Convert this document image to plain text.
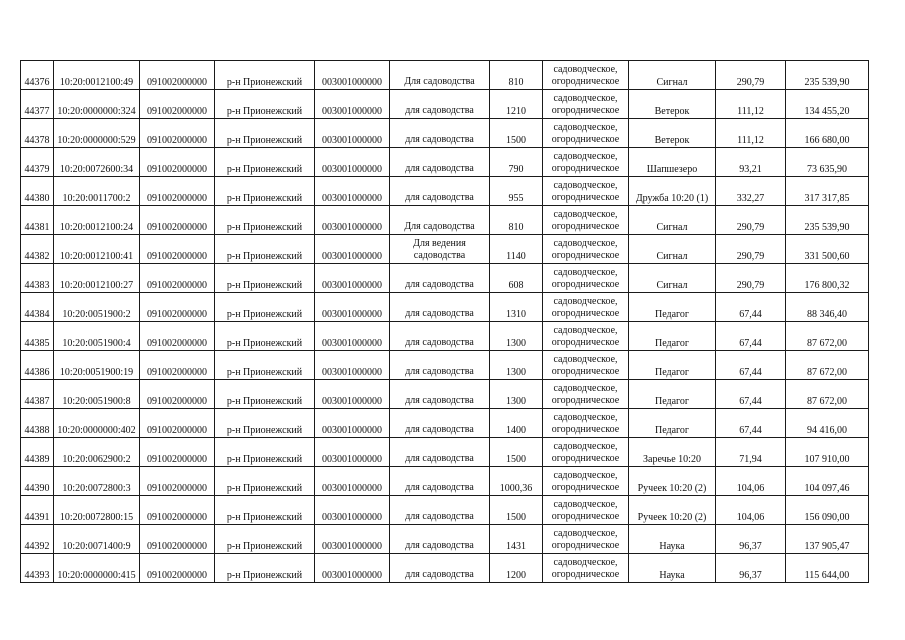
44376	10:20:0012100:49	091002000000	р-н Прионежский	003001000000	Для садоводства	810	садоводческое, огородническое	Сигнал	290,79	235 539,90
44377	10:20:0000000:324	091002000000	р-н Прионежский	003001000000	для садоводства	1210	садоводческое, огородническое	Ветерок	111,12	134 455,20
44378	10:20:0000000:529	091002000000	р-н Прионежский	003001000000	для садоводства	1500	садоводческое, огородническое	Ветерок	111,12	166 680,00
44379	10:20:0072600:34	091002000000	р-н Прионежский	003001000000	для садоводства	790	садоводческое, огородническое	Шапшезеро	93,21	73 635,90
44380	10:20:0011700:2	091002000000	р-н Прионежский	003001000000	для садоводства	955	садоводческое, огородническое	Дружба 10:20 (1)	332,27	317 317,85
44381	10:20:0012100:24	091002000000	р-н Прионежский	003001000000	Для садоводства	810	садоводческое, огородническое	Сигнал	290,79	235 539,90
44382	10:20:0012100:41	091002000000	р-н Прионежский	003001000000	Для ведения садоводства	1140	садоводческое, огородническое	Сигнал	290,79	331 500,60
44383	10:20:0012100:27	091002000000	р-н Прионежский	003001000000	для садоводства	608	садоводческое, огородническое	Сигнал	290,79	176 800,32
44384	10:20:0051900:2	091002000000	р-н Прионежский	003001000000	для садоводства	1310	садоводческое, огородническое	Педагог	67,44	88 346,40
44385	10:20:0051900:4	091002000000	р-н Прионежский	003001000000	для садоводства	1300	садоводческое, огородническое	Педагог	67,44	87 672,00
44386	10:20:0051900:19	091002000000	р-н Прионежский	003001000000	для садоводства	1300	садоводческое, огородническое	Педагог	67,44	87 672,00
44387	10:20:0051900:8	091002000000	р-н Прионежский	003001000000	для садоводства	1300	садоводческое, огородническое	Педагог	67,44	87 672,00
44388	10:20:0000000:402	091002000000	р-н Прионежский	003001000000	для садоводства	1400	садоводческое, огородническое	Педагог	67,44	94 416,00
44389	10:20:0062900:2	091002000000	р-н Прионежский	003001000000	для садоводства	1500	садоводческое, огородническое	Заречье 10:20	71,94	107 910,00
44390	10:20:0072800:3	091002000000	р-н Прионежский	003001000000	для садоводства	1000,36	садоводческое, огородническое	Ручеек 10:20 (2)	104,06	104 097,46
44391	10:20:0072800:15	091002000000	р-н Прионежский	003001000000	для садоводства	1500	садоводческое, огородническое	Ручеек 10:20 (2)	104,06	156 090,00
44392	10:20:0071400:9	091002000000	р-н Прионежский	003001000000	для садоводства	1431	садоводческое, огородническое	Наука	96,37	137 905,47
44393	10:20:0000000:415	091002000000	р-н Прионежский	003001000000	для садоводства	1200	садоводческое, огородническое	Наука	96,37	115 644,00
